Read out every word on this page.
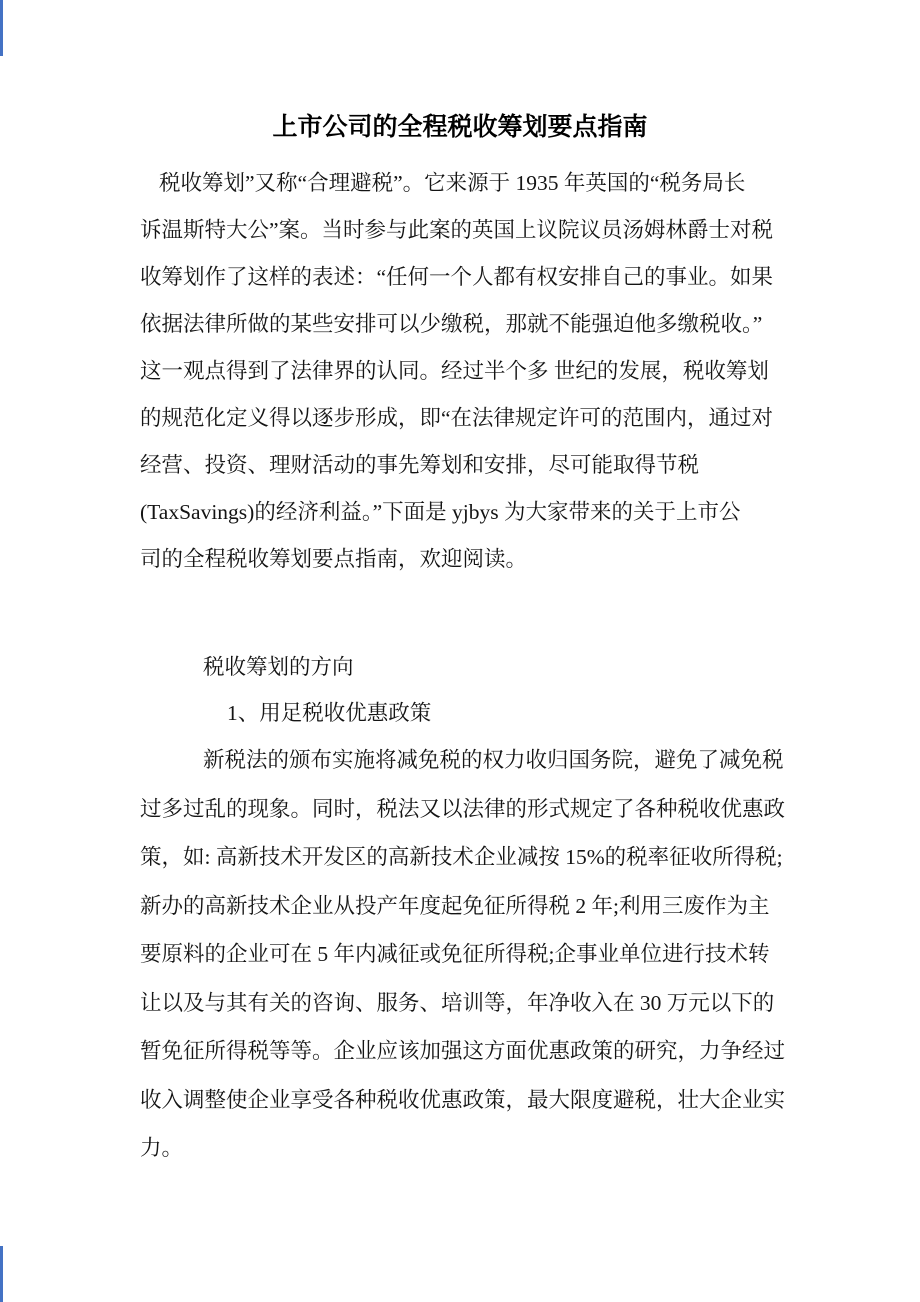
上市公司的全程税收筹划要点指南
税收筹划”又称“合理避税”。它来源于 1935 年英国的“税务局长
诉温斯特大公”案。当时参与此案的英国上议院议员汤姆林爵士对税
收筹划作了这样的表述：“任何一个人都有权安排自己的事业。如果
依据法律所做的某些安排可以少缴税，那就不能强迫他多缴税收。”
这一观点得到了法律界的认同。经过半个多 世纪的发展，税收筹划
的规范化定义得以逐步形成，即“在法律规定许可的范围内，通过对
经营、投资、理财活动的事先筹划和安排，尽可能取得节税
(TaxSavings)的经济利益。”下面是 yjbys 为大家带来的关于上市公
司的全程税收筹划要点指南，欢迎阅读。
税收筹划的方向
1、用足税收优惠政策
新税法的颁布实施将减免税的权力收归国务院，避免了减免税
过多过乱的现象。同时，税法又以法律的形式规定了各种税收优惠政
策，如: 高新技术开发区的高新技术企业减按 15%的税率征收所得税;
新办的高新技术企业从投产年度起免征所得税 2 年;利用三废作为主
要原料的企业可在 5 年内减征或免征所得税;企事业单位进行技术转
让以及与其有关的咨询、服务、培训等，年净收入在 30 万元以下的
暂免征所得税等等。企业应该加强这方面优惠政策的研究，力争经过
收入调整使企业享受各种税收优惠政策，最大限度避税，壮大企业实
力。
